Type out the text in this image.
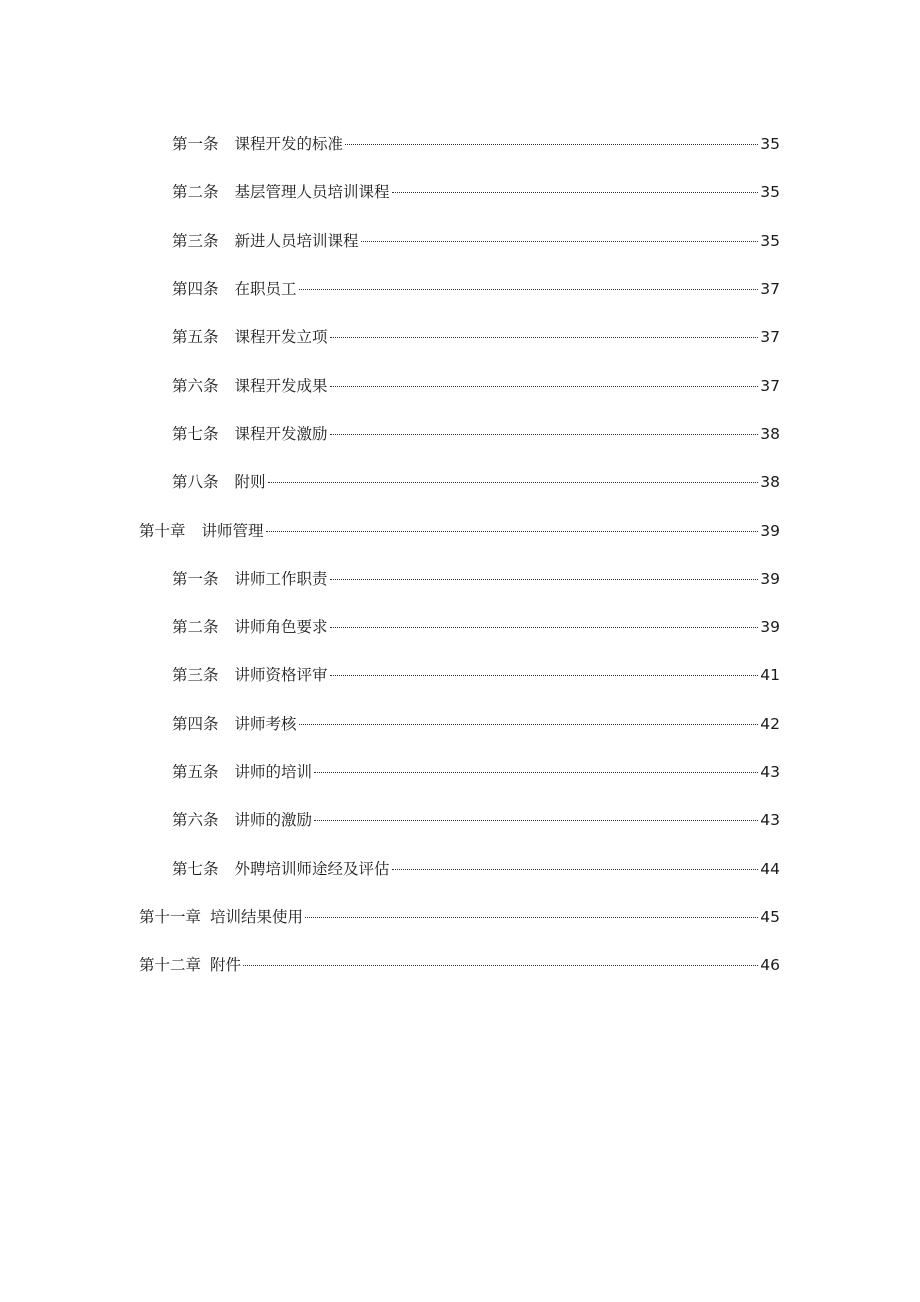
第一条 课程开发的标准	35
第二条 基层管理人员培训课程	35
第三条 新进人员培训课程	35
第四条 在职员工	37
第五条 课程开发立项	37
第六条 课程开发成果	37
第七条 课程开发激励	38
第八条 附则	38
第十章 讲师管理	39
第一条 讲师工作职责	39
第二条 讲师角色要求	39
第三条 讲师资格评审	41
第四条 讲师考核	42
第五条 讲师的培训	43
第六条 讲师的激励	43
第七条 外聘培训师途经及评估	44
第十一章 培训结果使用	45
第十二章 附件	46
